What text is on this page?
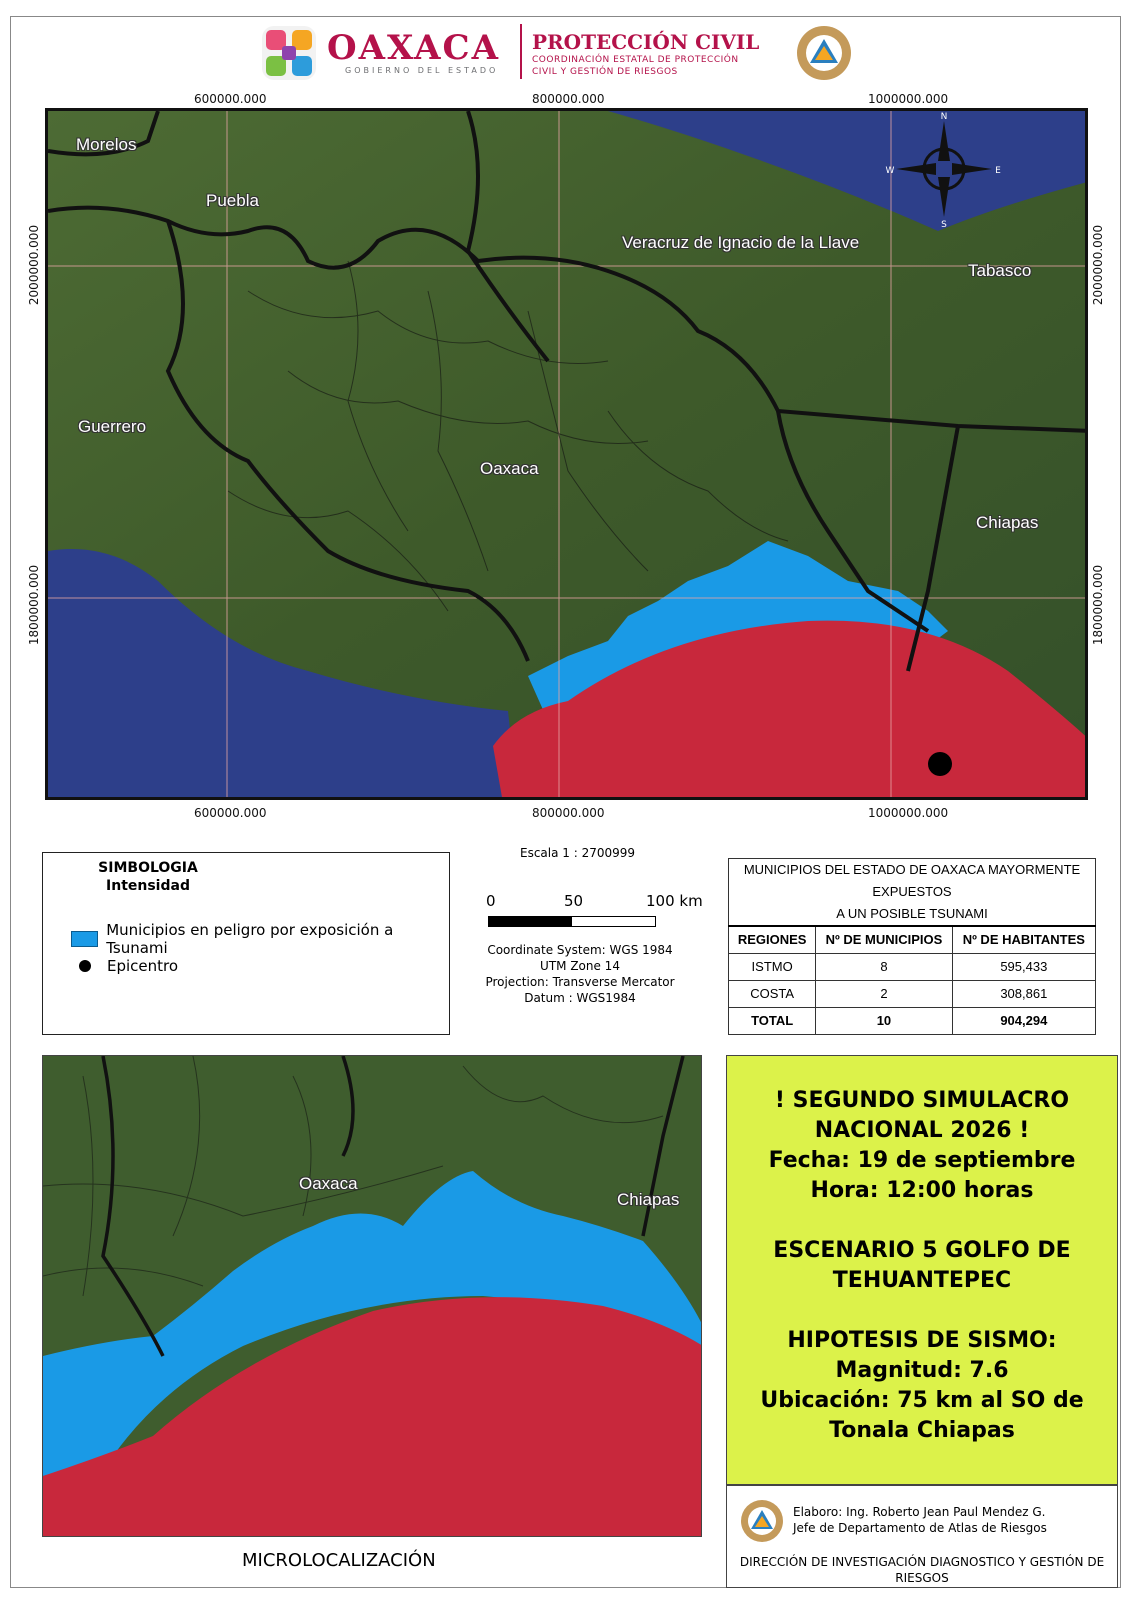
OAXACA
GOBIERNO DEL ESTADO
PROTECCIÓN CIVIL
COORDINACIÓN ESTATAL DE PROTECCIÓN
CIVIL Y GESTIÓN DE RIESGOS
600000.000	800000.000	1000000.000
600000.000	800000.000	1000000.000
2000000.000
1800000.000
2000000.000
1800000.000
N
S
E
W
Morelos
Puebla
Veracruz de Ignacio de la Llave
Tabasco
Guerrero
Oaxaca
Chiapas
SIMBOLOGIA
Intensidad
Municipios en peligro por exposición a Tsunami
Epicentro
Escala 1 : 2700999
0	50	100 km
Coordinate System: WGS 1984
UTM Zone 14
Projection: Transverse Mercator
Datum : WGS1984
MUNICIPIOS DEL ESTADO DE OAXACA MAYORMENTE EXPUESTOS
A UN POSIBLE TSUNAMI		

REGIONES	Nº DE MUNICIPIOS	Nº DE HABITANTES
ISTMO	8	595,433
COSTA	2	308,861
TOTAL	10	904,294
Oaxaca
Chiapas
MICROLOCALIZACIÓN
! SEGUNDO SIMULACRO
NACIONAL 2026 !
Fecha: 19 de septiembre
Hora: 12:00 horas
ESCENARIO 5 GOLFO DE
TEHUANTEPEC
HIPOTESIS DE SISMO:
Magnitud: 7.6
Ubicación: 75 km al SO de
Tonala Chiapas
Elaboro: Ing. Roberto Jean Paul Mendez G.
Jefe de Departamento de Atlas de Riesgos
DIRECCIÓN DE INVESTIGACIÓN DIAGNOSTICO Y GESTIÓN DE RIESGOS
